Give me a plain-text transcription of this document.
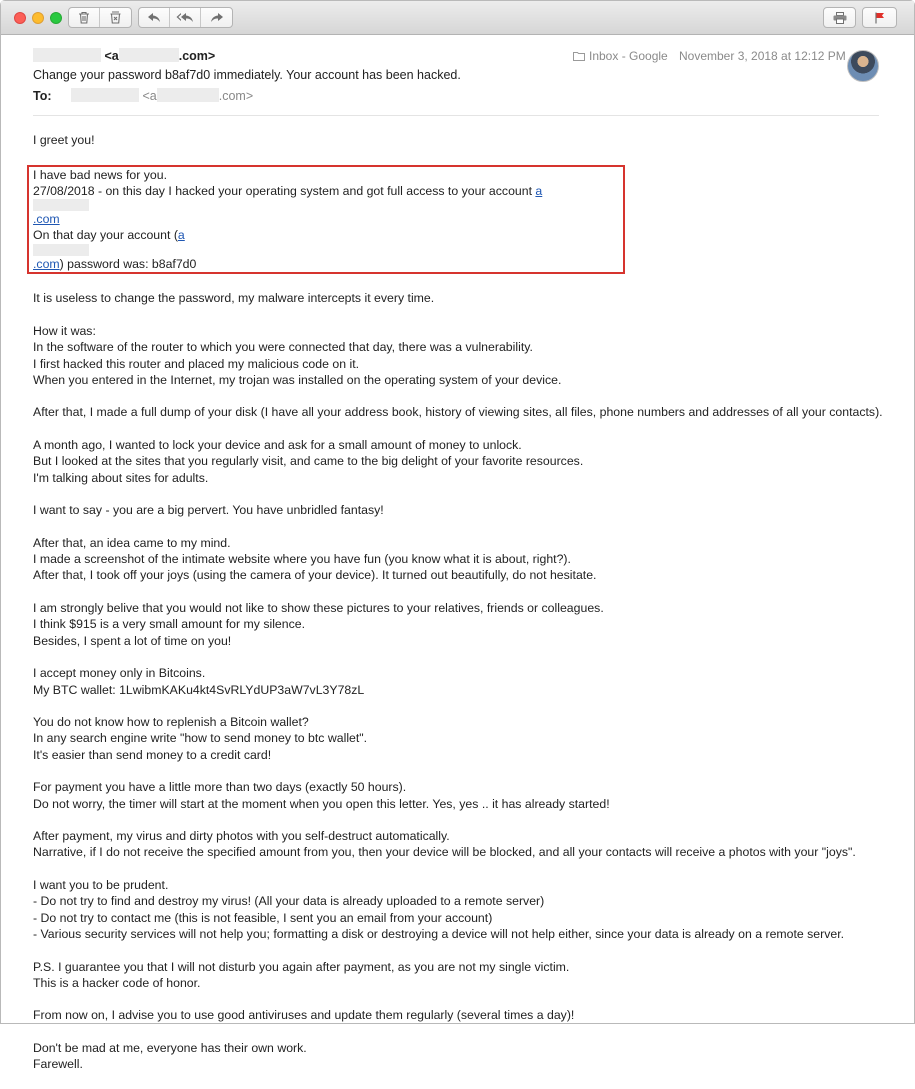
<a	.com>
Change your password b8af7d0 immediately. Your account has been hacked.
To:	<a	.com>
Inbox - Google November 3, 2018 at 12:12 PM

I greet you!

I have bad news for you.
27/08/2018 - on this day I hacked your operating system and got full access to your account a
.com
On that day your account (a
.com) password was: b8af7d0

It is useless to change the password, my malware intercepts it every time.

How it was:
In the software of the router to which you were connected that day, there was a vulnerability.
I first hacked this router and placed my malicious code on it.
When you entered in the Internet, my trojan was installed on the operating system of your device.

After that, I made a full dump of your disk (I have all your address book, history of viewing sites, all files, phone numbers and addresses of all your contacts).

A month ago, I wanted to lock your device and ask for a small amount of money to unlock.
But I looked at the sites that you regularly visit, and came to the big delight of your favorite resources.
I'm talking about sites for adults.

I want to say - you are a big pervert. You have unbridled fantasy!

After that, an idea came to my mind.
I made a screenshot of the intimate website where you have fun (you know what it is about, right?).
After that, I took off your joys (using the camera of your device). It turned out beautifully, do not hesitate.

I am strongly belive that you would not like to show these pictures to your relatives, friends or colleagues.
I think $915 is a very small amount for my silence.
Besides, I spent a lot of time on you!

I accept money only in Bitcoins.
My BTC wallet: 1LwibmKAKu4kt4SvRLYdUP3aW7vL3Y78zL

You do not know how to replenish a Bitcoin wallet?
In any search engine write "how to send money to btc wallet".
It's easier than send money to a credit card!

For payment you have a little more than two days (exactly 50 hours).
Do not worry, the timer will start at the moment when you open this letter. Yes, yes .. it has already started!

After payment, my virus and dirty photos with you self-destruct automatically.
Narrative, if I do not receive the specified amount from you, then your device will be blocked, and all your contacts will receive a photos with your "joys".

I want you to be prudent.
- Do not try to find and destroy my virus! (All your data is already uploaded to a remote server)
- Do not try to contact me (this is not feasible, I sent you an email from your account)
- Various security services will not help you; formatting a disk or destroying a device will not help either, since your data is already on a remote server.

P.S. I guarantee you that I will not disturb you again after payment, as you are not my single victim.
This is a hacker code of honor.

From now on, I advise you to use good antiviruses and update them regularly (several times a day)!

Don't be mad at me, everyone has their own work.
Farewell.
